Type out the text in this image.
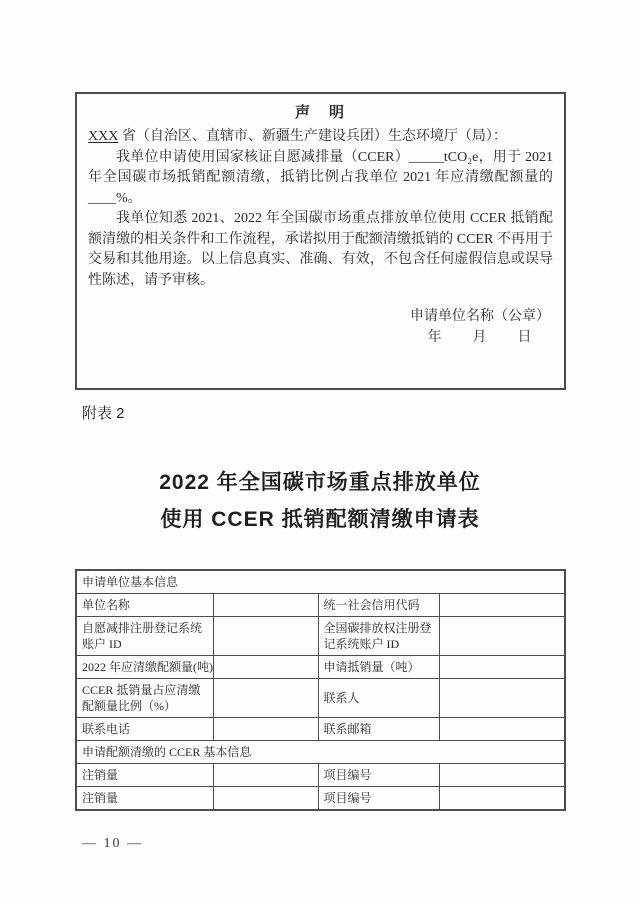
声　明

XXX 省（自治区、直辖市、新疆生产建设兵团）生态环境厅（局）：

我单位申请使用国家核证自愿减排量（CCER）_____tCO₂e，用于 2021 年全国碳市场抵销配额清缴，抵销比例占我单位 2021 年应清缴配额量的____%。

我单位知悉 2021、2022 年全国碳市场重点排放单位使用 CCER 抵销配额清缴的相关条件和工作流程，承诺拟用于配额清缴抵销的 CCER 不再用于交易和其他用途。以上信息真实、准确、有效，不包含任何虚假信息或误导性陈述，请予审核。

申请单位名称（公章）
年　　月　　日
附表 2
2022 年全国碳市场重点排放单位
使用 CCER 抵销配额清缴申请表
申请单位基本信息			
单位名称		统一社会信用代码	
自愿减排注册登记系统账户 ID		全国碳排放权注册登记系统账户 ID	
2022 年应清缴配额量(吨)		申请抵销量（吨）	
CCER 抵销量占应清缴配额量比例（%）		联系人	
联系电话		联系邮箱	
申请配额清缴的 CCER 基本信息			
注销量		项目编号	
注销量		项目编号	
— 10 —
